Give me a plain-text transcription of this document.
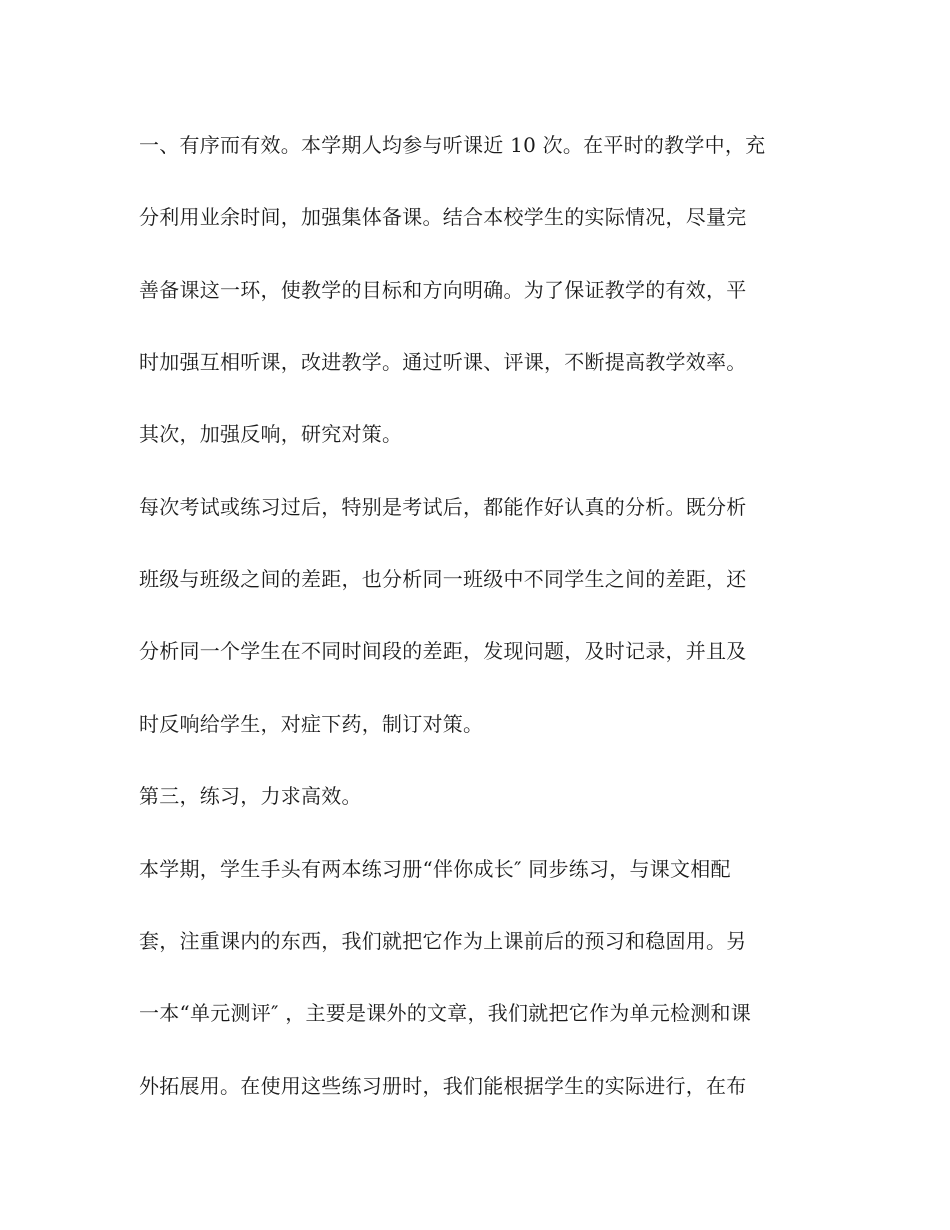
一、有序而有效。本学期人均参与听课近 10 次。在平时的教学中，充

分利用业余时间，加强集体备课。结合本校学生的实际情况，尽量完

善备课这一环，使教学的目标和方向明确。为了保证教学的有效，平

时加强互相听课，改进教学。通过听课、评课，不断提高教学效率。

其次，加强反响，研究对策。

每次考试或练习过后，特别是考试后，都能作好认真的分析。既分析

班级与班级之间的差距，也分析同一班级中不同学生之间的差距，还

分析同一个学生在不同时间段的差距，发现问题，及时记录，并且及

时反响给学生，对症下药，制订对策。

第三，练习，力求高效。

本学期，学生手头有两本练习册“伴你成长″ 同步练习，与课文相配

套，注重课内的东西，我们就把它作为上课前后的预习和稳固用。另

一本“单元测评″ ，主要是课外的文章，我们就把它作为单元检测和课

外拓展用。在使用这些练习册时，我们能根据学生的实际进行，在布
